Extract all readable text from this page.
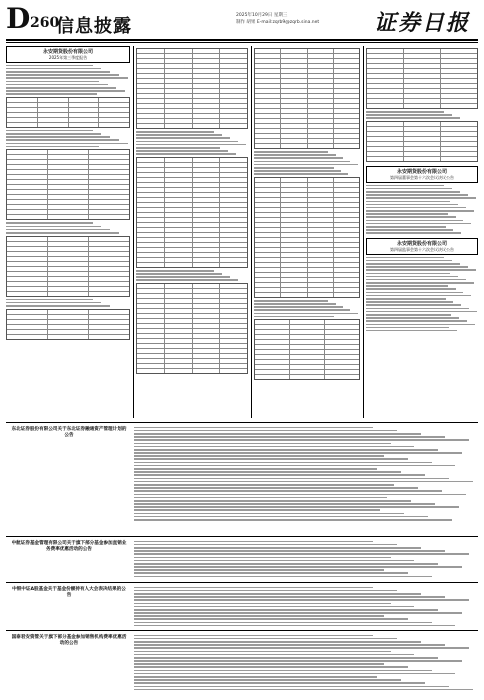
D 260
信息披露
2025年10月29日 星期三
制作 胡果 E-mail:zqrb9@zqrb.sina.net	证券日报
永安期货股份有限公司
2025年第三季度报告
永安期货股份有限公司
第四届董事会第十六次会议决议公告
永安期货股份有限公司
第四届监事会第十六次会议决议公告
东北证券股份有限公司关于东北证券融通资产管理计划的公告
中航证券基金管理有限公司关于旗下部分基金参加直销业务费率优惠活动的公告
中银中证A股基金关于基金份额持有人大会表决结果的公告
国泰君安资管关于旗下部分基金参加销售机构费率优惠活动的公告
